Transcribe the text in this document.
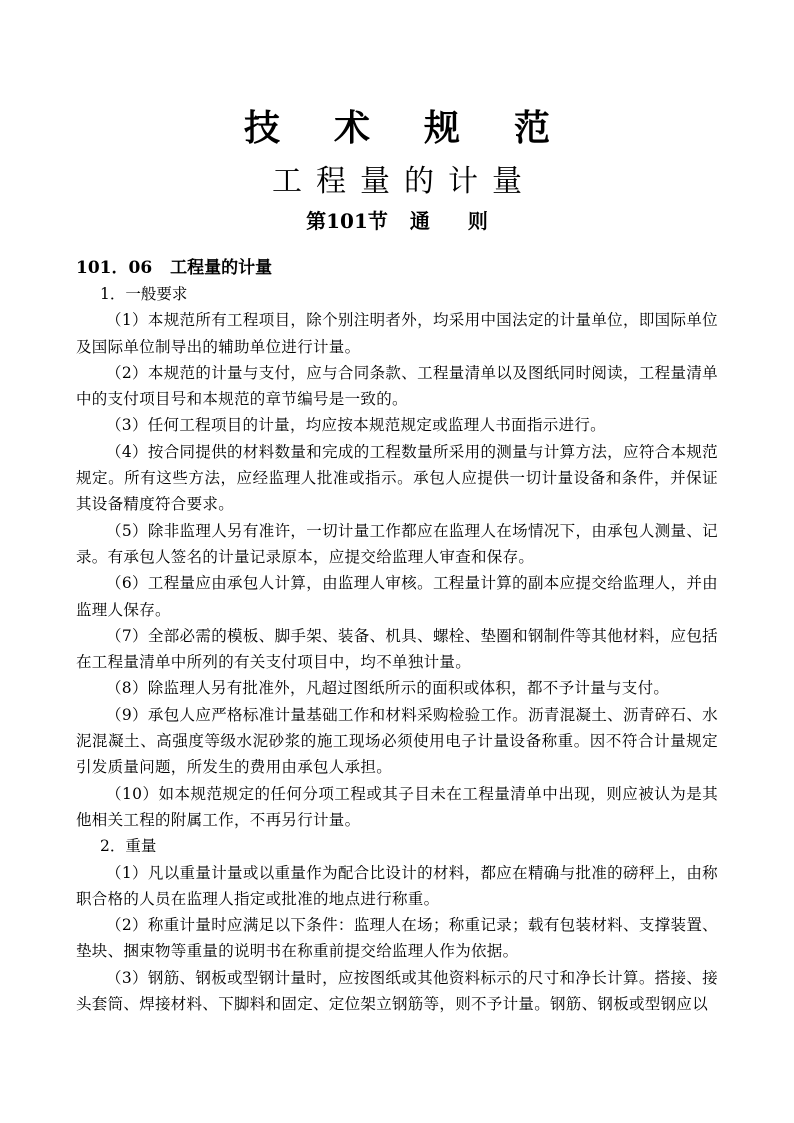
技术规范
工程量的计量
第101节 通 则

101．06 工程量的计量

1．一般要求

（1）本规范所有工程项目，除个别注明者外，均采用中国法定的计量单位，即国际单位及国际单位制导出的辅助单位进行计量。

（2）本规范的计量与支付，应与合同条款、工程量清单以及图纸同时阅读，工程量清单中的支付项目号和本规范的章节编号是一致的。

（3）任何工程项目的计量，均应按本规范规定或监理人书面指示进行。

（4）按合同提供的材料数量和完成的工程数量所采用的测量与计算方法，应符合本规范规定。所有这些方法，应经监理人批准或指示。承包人应提供一切计量设备和条件，并保证其设备精度符合要求。

（5）除非监理人另有准许，一切计量工作都应在监理人在场情况下，由承包人测量、记录。有承包人签名的计量记录原本，应提交给监理人审查和保存。

（6）工程量应由承包人计算，由监理人审核。工程量计算的副本应提交给监理人，并由监理人保存。

（7）全部必需的模板、脚手架、装备、机具、螺栓、垫圈和钢制件等其他材料，应包括在工程量清单中所列的有关支付项目中，均不单独计量。

（8）除监理人另有批准外，凡超过图纸所示的面积或体积，都不予计量与支付。

（9）承包人应严格标准计量基础工作和材料采购检验工作。沥青混凝土、沥青碎石、水泥混凝土、高强度等级水泥砂浆的施工现场必须使用电子计量设备称重。因不符合计量规定引发质量问题，所发生的费用由承包人承担。

（10）如本规范规定的任何分项工程或其子目未在工程量清单中出现，则应被认为是其他相关工程的附属工作，不再另行计量。

2．重量

（1）凡以重量计量或以重量作为配合比设计的材料，都应在精确与批准的磅秤上，由称职合格的人员在监理人指定或批准的地点进行称重。

（2）称重计量时应满足以下条件：监理人在场；称重记录；载有包装材料、支撑装置、垫块、捆束物等重量的说明书在称重前提交给监理人作为依据。

（3）钢筋、钢板或型钢计量时，应按图纸或其他资料标示的尺寸和净长计算。搭接、接头套筒、焊接材料、下脚料和固定、定位架立钢筋等，则不予计量。钢筋、钢板或型钢应以
